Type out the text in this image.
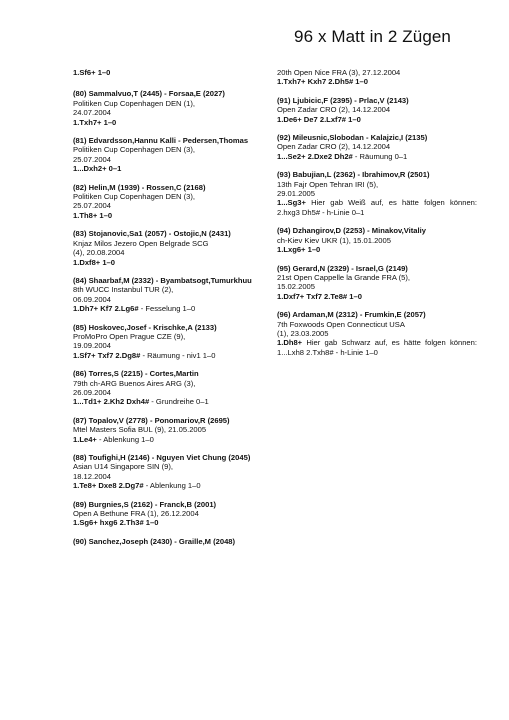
96 x Matt in 2 Zügen
1.Sf6+ 1–0
(80) Sammalvuo,T (2445) - Forsaa,E (2027)
Politiken Cup Copenhagen DEN (1),
24.07.2004
1.Txh7+ 1–0
(81) Edvardsson,Hannu Kalli - Pedersen,Thomas
Politiken Cup Copenhagen DEN (3),
25.07.2004
1...Dxh2+ 0–1
(82) Helin,M (1939) - Rossen,C (2168)
Politiken Cup Copenhagen DEN (3),
25.07.2004
1.Th8+ 1–0
(83) Stojanovic,Sa1 (2057) - Ostojic,N (2431)
Knjaz Milos Jezero Open Belgrade SCG
(4), 20.08.2004
1.Dxf8+ 1–0
(84) Shaarbaf,M (2332) - Byambatsogt,Tumurkhuu
8th WUCC Instanbul TUR (2),
06.09.2004
1.Dh7+ Kf7 2.Lg6# - Fesselung 1–0
(85) Hoskovec,Josef - Krischke,A (2133)
ProMoPro Open Prague CZE (9),
19.09.2004
1.Sf7+ Txf7 2.Dg8# - Räumung - niv1 1–0
(86) Torres,S (2215) - Cortes,Martin
79th ch-ARG Buenos Aires ARG (3),
26.09.2004
1...Td1+ 2.Kh2 Dxh4# - Grundreihe 0–1
(87) Topalov,V (2778) - Ponomariov,R (2695)
Mtel Masters Sofia BUL (9), 21.05.2005
1.Le4+ - Ablenkung 1–0
(88) Toufighi,H (2146) - Nguyen Viet Chung (2045)
Asian U14 Singapore SIN (9),
18.12.2004
1.Te8+ Dxe8 2.Dg7# - Ablenkung 1–0
(89) Burgnies,S (2162) - Franck,B (2001)
Open A Bethune FRA (1), 26.12.2004
1.Sg6+ hxg6 2.Th3# 1–0
(90) Sanchez,Joseph (2430) - Graille,M (2048)
20th Open Nice FRA (3), 27.12.2004
1.Txh7+ Kxh7 2.Dh5# 1–0
(91) Ljubicic,F (2395) - Prlac,V (2143)
Open Zadar CRO (2), 14.12.2004
1.De6+ De7 2.Lxf7# 1–0
(92) Mileusnic,Slobodan - Kalajzic,I (2135)
Open Zadar CRO (2), 14.12.2004
1...Se2+ 2.Dxe2 Dh2# - Räumung 0–1
(93) Babujian,L (2362) - Ibrahimov,R (2501)
13th Fajr Open Tehran IRI (5),
29.01.2005
1...Sg3+ Hier gab Weiß auf, es hätte folgen können: 2.hxg3 Dh5# - h-Linie 0–1
(94) Dzhangirov,D (2253) - Minakov,Vitaliy
ch-Kiev Kiev UKR (1), 15.01.2005
1.Lxg6+ 1–0
(95) Gerard,N (2329) - Israel,G (2149)
21st Open Cappelle la Grande FRA (5),
15.02.2005
1.Dxf7+ Txf7 2.Te8# 1–0
(96) Ardaman,M (2312) - Frumkin,E (2057)
7th Foxwoods Open Connecticut USA
(1), 23.03.2005
1.Dh8+ Hier gab Schwarz auf, es hätte folgen können: 1...Lxh8 2.Txh8# - h-Linie 1–0
